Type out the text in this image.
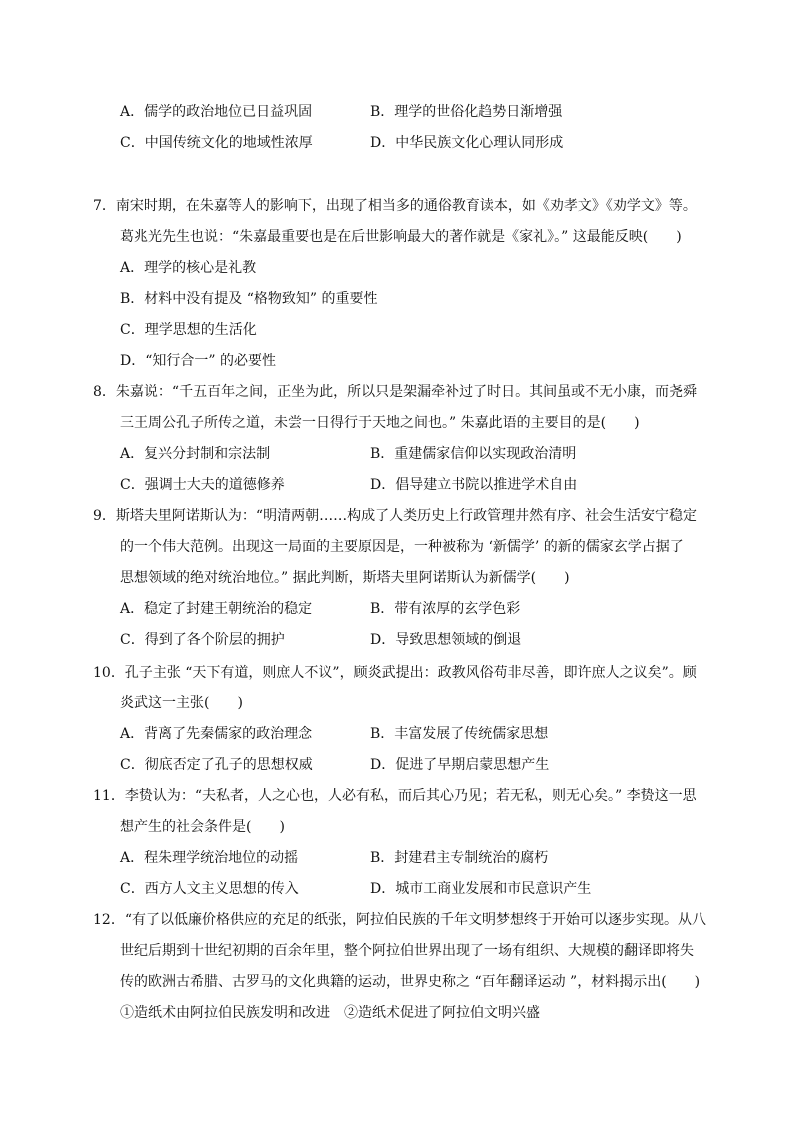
A．儒学的政治地位已日益巩固	B．理学的世俗化趋势日渐增强
C．中国传统文化的地域性浓厚	D．中华民族文化心理认同形成
7．南宋时期，在朱嘉等人的影响下，出现了相当多的通俗教育读本，如《劝孝文》《劝学文》等。
葛兆光先生也说：“朱嘉最重要也是在后世影响最大的著作就是《家礼》。” 这最能反映(　　)
A．理学的核心是礼教
B．材料中没有提及 “格物致知” 的重要性
C．理学思想的生活化
D．“知行合一” 的必要性
8．朱嘉说：“千五百年之间，正坐为此，所以只是架漏牵补过了时日。其间虽或不无小康，而尧舜
三王周公孔子所传之道，未尝一日得行于天地之间也。” 朱嘉此语的主要目的是(　　)
A．复兴分封制和宗法制	B．重建儒家信仰以实现政治清明
C．强调士大夫的道德修养	D．倡导建立书院以推进学术自由
9．斯塔夫里阿诺斯认为：“明清两朝……构成了人类历史上行政管理井然有序、社会生活安宁稳定
的一个伟大范例。出现这一局面的主要原因是，一种被称为 ‘新儒学’ 的新的儒家玄学占据了
思想领域的绝对统治地位。” 据此判断，斯塔夫里阿诺斯认为新儒学(　　)
A．稳定了封建王朝统治的稳定	B．带有浓厚的玄学色彩
C．得到了各个阶层的拥护	D．导致思想领域的倒退
10．孔子主张 “天下有道，则庶人不议”，顾炎武提出：政教风俗苟非尽善，即许庶人之议矣”。顾
炎武这一主张(　　)
A．背离了先秦儒家的政治理念	B．丰富发展了传统儒家思想
C．彻底否定了孔子的思想权威	D．促进了早期启蒙思想产生
11．李贽认为：“夫私者，人之心也，人必有私，而后其心乃见；若无私，则无心矣。” 李贽这一思
想产生的社会条件是(　　)
A．程朱理学统治地位的动摇	B．封建君主专制统治的腐朽
C．西方人文主义思想的传入	D．城市工商业发展和市民意识产生
12．“有了以低廉价格供应的充足的纸张，阿拉伯民族的千年文明梦想终于开始可以逐步实现。从八
世纪后期到十世纪初期的百余年里，整个阿拉伯世界出现了一场有组织、大规模的翻译即将失
传的欧洲古希腊、古罗马的文化典籍的运动，世界史称之 “百年翻译运动 ”，材料揭示出(　　)
①造纸术由阿拉伯民族发明和改进　②造纸术促进了阿拉伯文明兴盛
